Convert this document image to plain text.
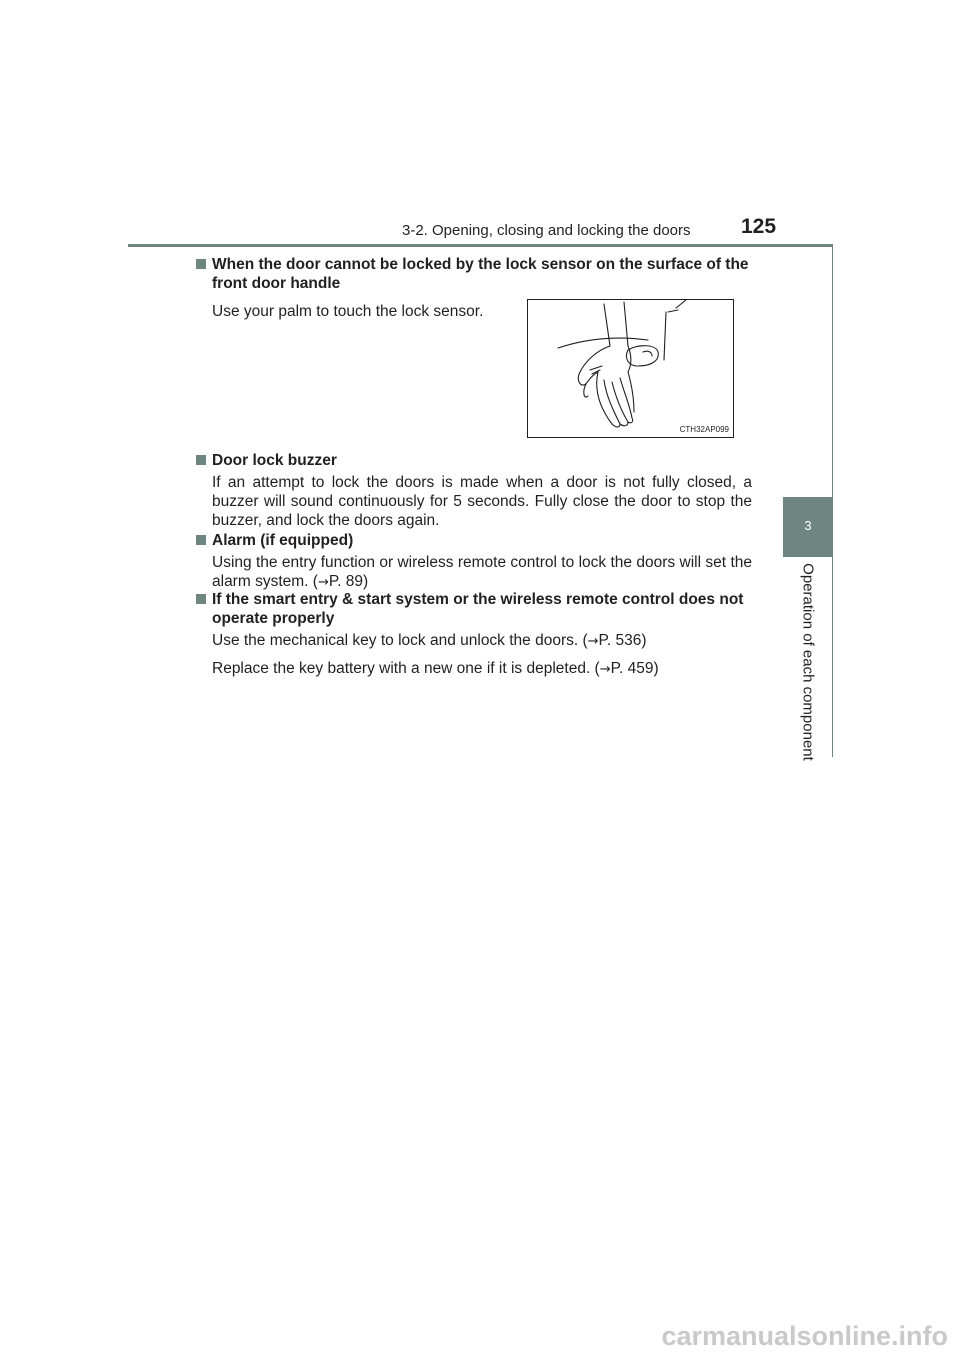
3-2. Opening, closing and locking the doors 125
3
Operation of each component
When the door cannot be locked by the lock sensor on the surface of the front door handle

Use your palm to touch the lock sensor.

CTH32AP099
Door lock buzzer

If an attempt to lock the doors is made when a door is not fully closed, a buzzer will sound continuously for 5 seconds. Fully close the door to stop the buzzer, and lock the doors again.

Alarm (if equipped)

Using the entry function or wireless remote control to lock the doors will set the alarm system. (→P. 89)

If the smart entry & start system or the wireless remote control does not operate properly

Use the mechanical key to lock and unlock the doors. (→P. 536)

Replace the key battery with a new one if it is depleted. (→P. 459)

carmanualsonline.info
